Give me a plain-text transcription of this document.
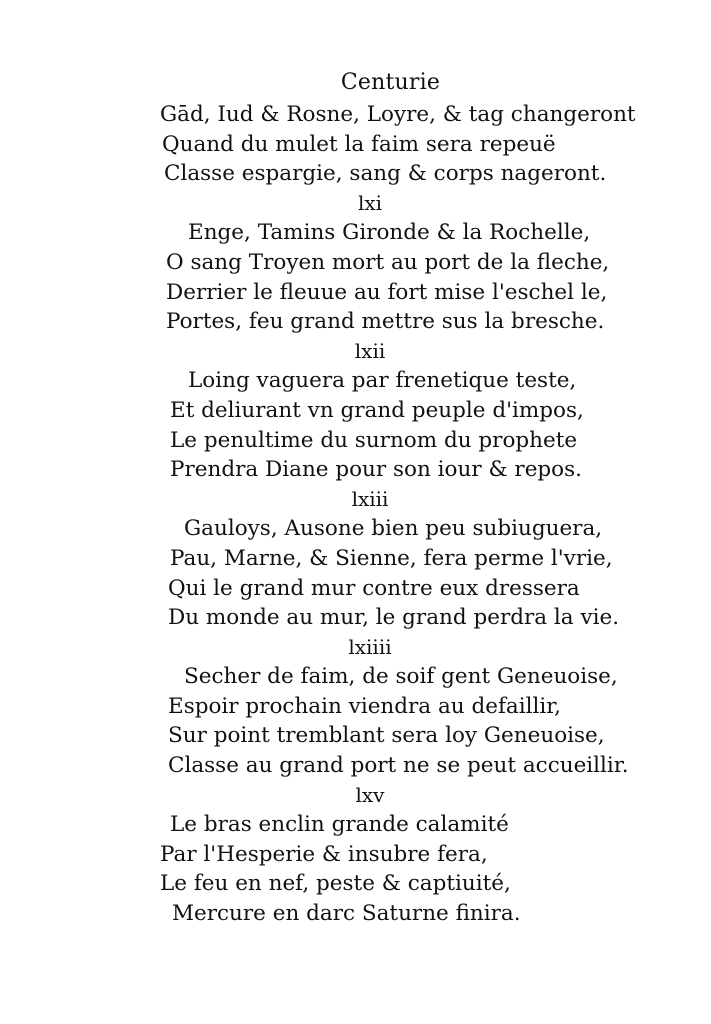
Centurie
Gād, Iud & Rosne, Loyre, & tag changeront
Quand du mulet la faim sera repeuë
Classe espargie, sang & corps nageront.
lxi
Enge, Tamins Gironde & la Rochelle,
O sang Troyen mort au port de la fleche,
Derrier le fleuue au fort mise l'eschel le,
Portes, feu grand mettre sus la bresche.
lxii
Loing vaguera par frenetique teste,
Et deliurant vn grand peuple d'impos,
Le penultime du surnom du prophete
Prendra Diane pour son iour & repos.
lxiii
Gauloys, Ausone bien peu subiuguera,
Pau, Marne, & Sienne, fera perme l'vrie,
Qui le grand mur contre eux dressera
Du monde au mur, le grand perdra la vie.
lxiiii
Secher de faim, de soif gent Geneuoise,
Espoir prochain viendra au defaillir,
Sur point tremblant sera loy Geneuoise,
Classe au grand port ne se peut accueillir.
lxv
Le bras enclin grande calamité
Par l'Hesperie & insubre fera,
Le feu en nef, peste & captiuité,
Mercure en darc Saturne finira.
